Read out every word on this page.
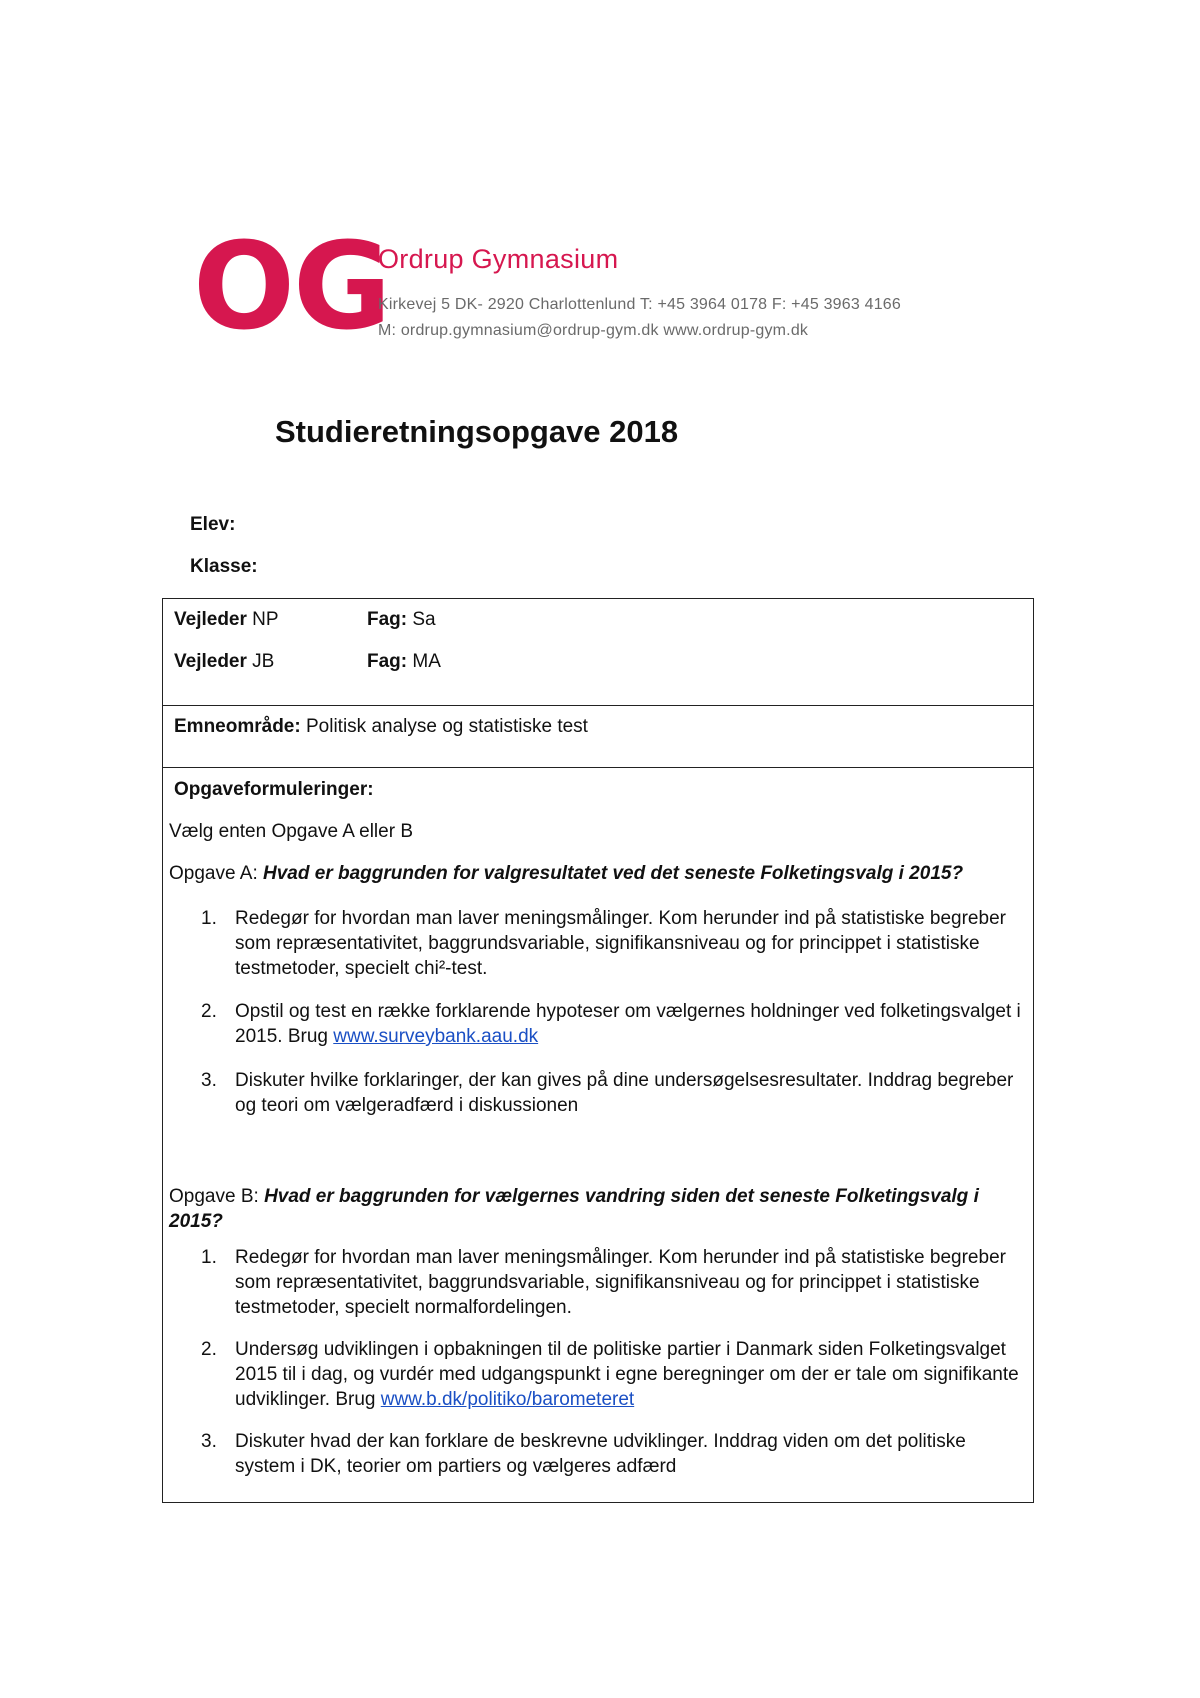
OG
Ordrup Gymnasium
Kirkevej 5 DK- 2920 Charlottenlund T: +45 3964 0178 F: +45 3963 4166
M: ordrup.gymnasium@ordrup-gym.dk www.ordrup-gym.dk
Studieretningsopgave 2018
Elev:
Klasse:
Vejleder NP	Fag: Sa
Vejleder JB	Fag: MA
Emneområde: Politisk analyse og statistiske test
Opgaveformuleringer:
Vælg enten Opgave A eller B
Opgave A: Hvad er baggrunden for valgresultatet ved det seneste Folketingsvalg i 2015?
1. Redegør for hvordan man laver meningsmålinger. Kom herunder ind på statistiske begreber som repræsentativitet, baggrundsvariable, signifikansniveau og for princippet i statistiske testmetoder, specielt chi²-test.
2. Opstil og test en række forklarende hypoteser om vælgernes holdninger ved folketingsvalget i 2015. Brug www.surveybank.aau.dk
3. Diskuter hvilke forklaringer, der kan gives på dine undersøgelsesresultater. Inddrag begreber og teori om vælgeradfærd i diskussionen
Opgave B: Hvad er baggrunden for vælgernes vandring siden det seneste Folketingsvalg i 2015?
1. Redegør for hvordan man laver meningsmålinger. Kom herunder ind på statistiske begreber som repræsentativitet, baggrundsvariable, signifikansniveau og for princippet i statistiske testmetoder, specielt normalfordelingen.
2. Undersøg udviklingen i opbakningen til de politiske partier i Danmark siden Folketingsvalget 2015 til i dag, og vurdér med udgangspunkt i egne beregninger om der er tale om signifikante udviklinger. Brug www.b.dk/politiko/barometeret
3. Diskuter hvad der kan forklare de beskrevne udviklinger. Inddrag viden om det politiske system i DK, teorier om partiers og vælgeres adfærd
